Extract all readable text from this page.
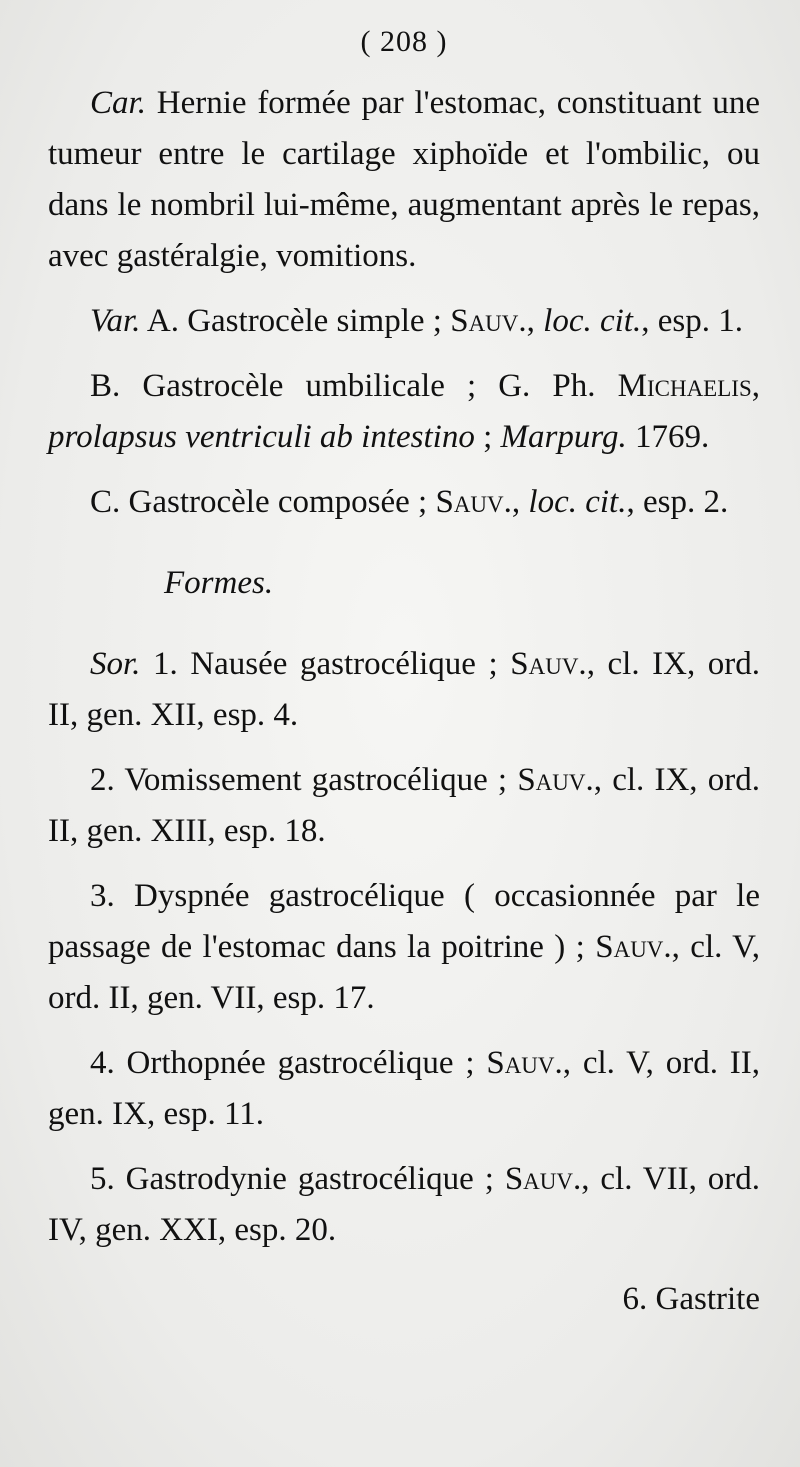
( 208 )

Car. Hernie formée par l'estomac, constituant une tumeur entre le cartilage xiphoïde et l'ombilic, ou dans le nombril lui-même, augmentant après le repas, avec gastéralgie, vomitions.

Var. A. Gastrocèle simple ; Sauv., loc. cit., esp. 1.

B. Gastrocèle umbilicale ; G. Ph. Michaelis, prolapsus ventriculi ab intestino ; Marpurg. 1769.

C. Gastrocèle composée ; Sauv., loc. cit., esp. 2.

Formes.

Sor. 1. Nausée gastrocélique ; Sauv., cl. IX, ord. II, gen. XII, esp. 4.

2. Vomissement gastrocélique ; Sauv., cl. IX, ord. II, gen. XIII, esp. 18.

3. Dyspnée gastrocélique ( occasionnée par le passage de l'estomac dans la poitrine ) ; Sauv., cl. V, ord. II, gen. VII, esp. 17.

4. Orthopnée gastrocélique ; Sauv., cl. V, ord. II, gen. IX, esp. 11.

5. Gastrodynie gastrocélique ; Sauv., cl. VII, ord. IV, gen. XXI, esp. 20.

6. Gastrite
